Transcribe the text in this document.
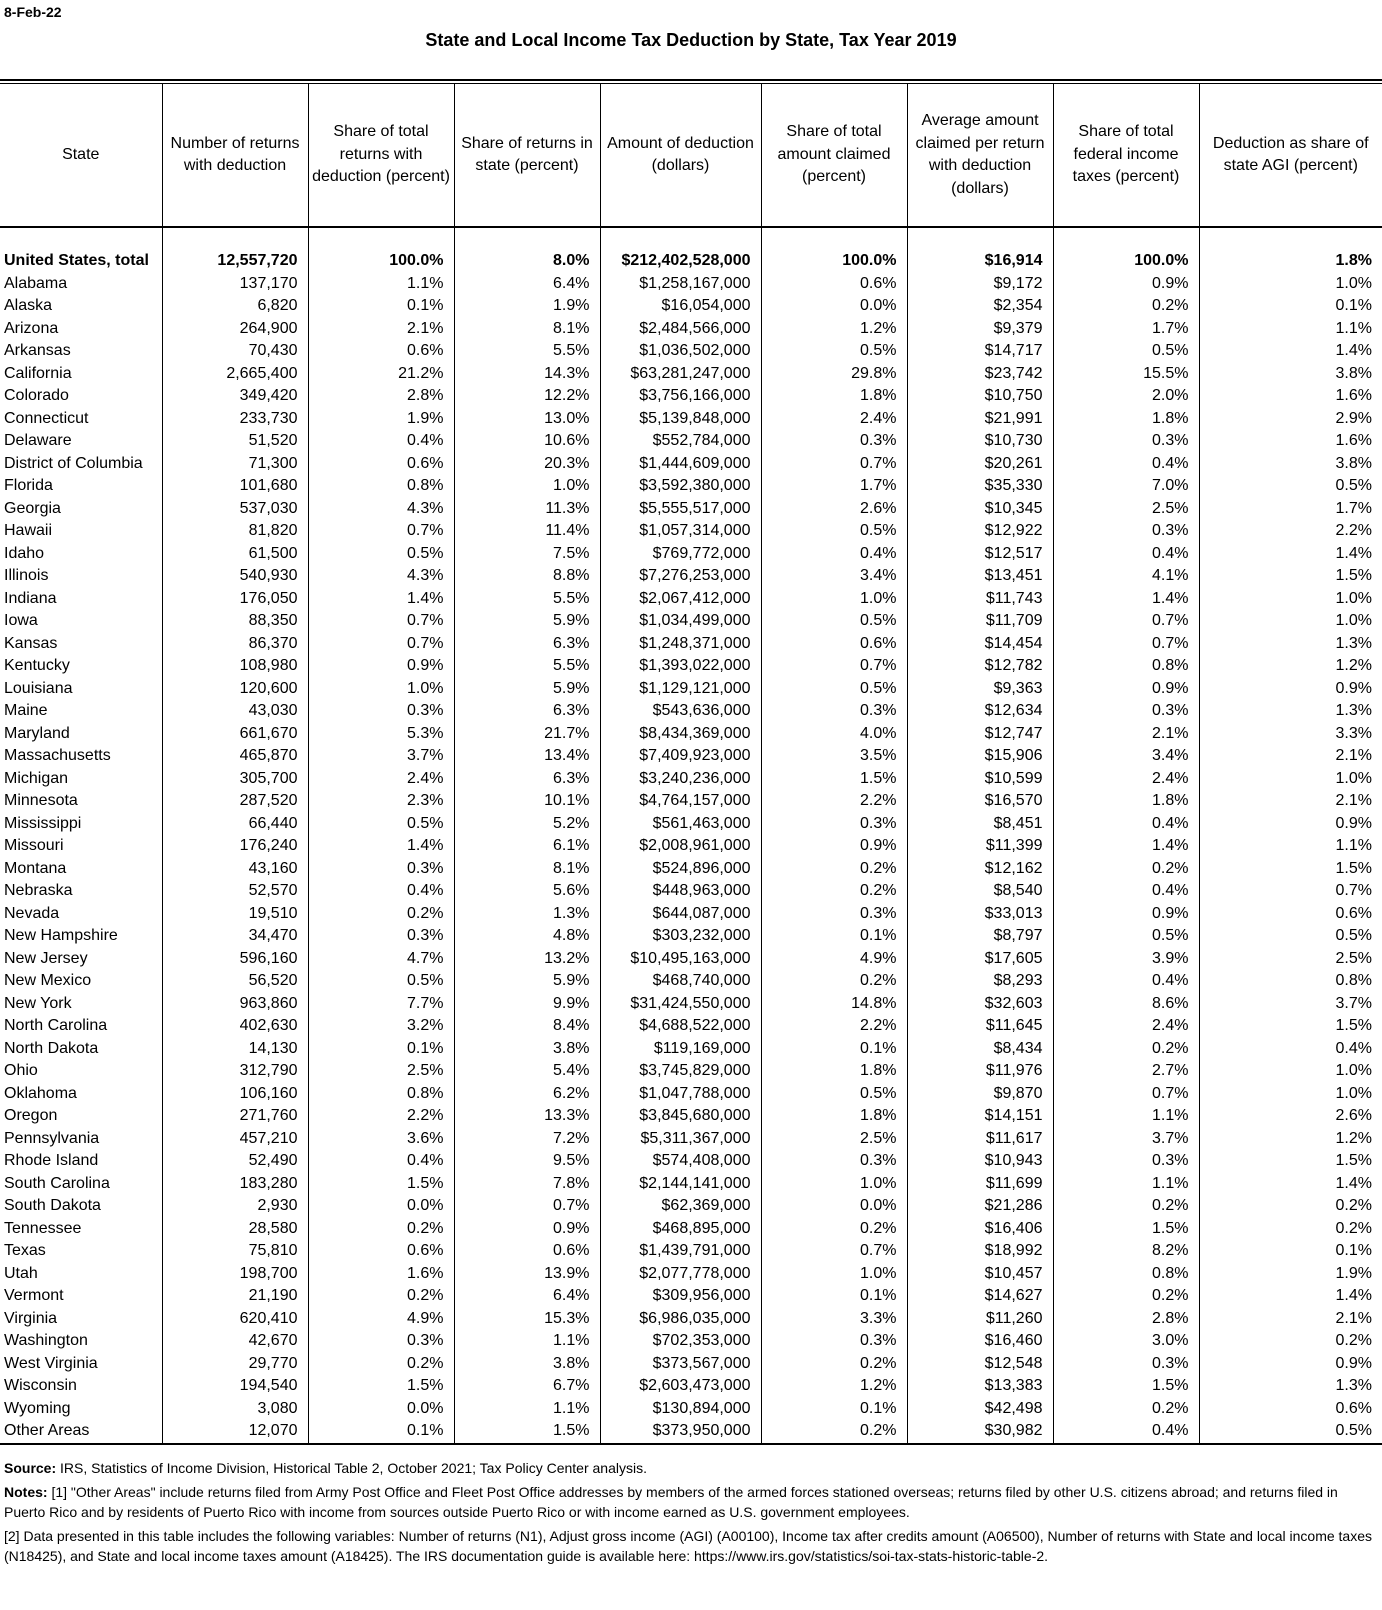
8-Feb-22
State and Local Income Tax Deduction by State, Tax Year 2019
State	Number of returns with deduction	Share of total returns with deduction (percent)	Share of returns in state (percent)	Amount of deduction (dollars)	Share of total amount claimed (percent)	Average amount claimed per return with deduction (dollars)	Share of total federal income taxes (percent)	Deduction as share of state AGI (percent)

United States, total	12,557,720	100.0%	8.0%	$212,402,528,000	100.0%	$16,914	100.0%	1.8%
Alabama	137,170	1.1%	6.4%	$1,258,167,000	0.6%	$9,172	0.9%	1.0%
Alaska	6,820	0.1%	1.9%	$16,054,000	0.0%	$2,354	0.2%	0.1%
Arizona	264,900	2.1%	8.1%	$2,484,566,000	1.2%	$9,379	1.7%	1.1%
Arkansas	70,430	0.6%	5.5%	$1,036,502,000	0.5%	$14,717	0.5%	1.4%
California	2,665,400	21.2%	14.3%	$63,281,247,000	29.8%	$23,742	15.5%	3.8%
Colorado	349,420	2.8%	12.2%	$3,756,166,000	1.8%	$10,750	2.0%	1.6%
Connecticut	233,730	1.9%	13.0%	$5,139,848,000	2.4%	$21,991	1.8%	2.9%
Delaware	51,520	0.4%	10.6%	$552,784,000	0.3%	$10,730	0.3%	1.6%
District of Columbia	71,300	0.6%	20.3%	$1,444,609,000	0.7%	$20,261	0.4%	3.8%
Florida	101,680	0.8%	1.0%	$3,592,380,000	1.7%	$35,330	7.0%	0.5%
Georgia	537,030	4.3%	11.3%	$5,555,517,000	2.6%	$10,345	2.5%	1.7%
Hawaii	81,820	0.7%	11.4%	$1,057,314,000	0.5%	$12,922	0.3%	2.2%
Idaho	61,500	0.5%	7.5%	$769,772,000	0.4%	$12,517	0.4%	1.4%
Illinois	540,930	4.3%	8.8%	$7,276,253,000	3.4%	$13,451	4.1%	1.5%
Indiana	176,050	1.4%	5.5%	$2,067,412,000	1.0%	$11,743	1.4%	1.0%
Iowa	88,350	0.7%	5.9%	$1,034,499,000	0.5%	$11,709	0.7%	1.0%
Kansas	86,370	0.7%	6.3%	$1,248,371,000	0.6%	$14,454	0.7%	1.3%
Kentucky	108,980	0.9%	5.5%	$1,393,022,000	0.7%	$12,782	0.8%	1.2%
Louisiana	120,600	1.0%	5.9%	$1,129,121,000	0.5%	$9,363	0.9%	0.9%
Maine	43,030	0.3%	6.3%	$543,636,000	0.3%	$12,634	0.3%	1.3%
Maryland	661,670	5.3%	21.7%	$8,434,369,000	4.0%	$12,747	2.1%	3.3%
Massachusetts	465,870	3.7%	13.4%	$7,409,923,000	3.5%	$15,906	3.4%	2.1%
Michigan	305,700	2.4%	6.3%	$3,240,236,000	1.5%	$10,599	2.4%	1.0%
Minnesota	287,520	2.3%	10.1%	$4,764,157,000	2.2%	$16,570	1.8%	2.1%
Mississippi	66,440	0.5%	5.2%	$561,463,000	0.3%	$8,451	0.4%	0.9%
Missouri	176,240	1.4%	6.1%	$2,008,961,000	0.9%	$11,399	1.4%	1.1%
Montana	43,160	0.3%	8.1%	$524,896,000	0.2%	$12,162	0.2%	1.5%
Nebraska	52,570	0.4%	5.6%	$448,963,000	0.2%	$8,540	0.4%	0.7%
Nevada	19,510	0.2%	1.3%	$644,087,000	0.3%	$33,013	0.9%	0.6%
New Hampshire	34,470	0.3%	4.8%	$303,232,000	0.1%	$8,797	0.5%	0.5%
New Jersey	596,160	4.7%	13.2%	$10,495,163,000	4.9%	$17,605	3.9%	2.5%
New Mexico	56,520	0.5%	5.9%	$468,740,000	0.2%	$8,293	0.4%	0.8%
New York	963,860	7.7%	9.9%	$31,424,550,000	14.8%	$32,603	8.6%	3.7%
North Carolina	402,630	3.2%	8.4%	$4,688,522,000	2.2%	$11,645	2.4%	1.5%
North Dakota	14,130	0.1%	3.8%	$119,169,000	0.1%	$8,434	0.2%	0.4%
Ohio	312,790	2.5%	5.4%	$3,745,829,000	1.8%	$11,976	2.7%	1.0%
Oklahoma	106,160	0.8%	6.2%	$1,047,788,000	0.5%	$9,870	0.7%	1.0%
Oregon	271,760	2.2%	13.3%	$3,845,680,000	1.8%	$14,151	1.1%	2.6%
Pennsylvania	457,210	3.6%	7.2%	$5,311,367,000	2.5%	$11,617	3.7%	1.2%
Rhode Island	52,490	0.4%	9.5%	$574,408,000	0.3%	$10,943	0.3%	1.5%
South Carolina	183,280	1.5%	7.8%	$2,144,141,000	1.0%	$11,699	1.1%	1.4%
South Dakota	2,930	0.0%	0.7%	$62,369,000	0.0%	$21,286	0.2%	0.2%
Tennessee	28,580	0.2%	0.9%	$468,895,000	0.2%	$16,406	1.5%	0.2%
Texas	75,810	0.6%	0.6%	$1,439,791,000	0.7%	$18,992	8.2%	0.1%
Utah	198,700	1.6%	13.9%	$2,077,778,000	1.0%	$10,457	0.8%	1.9%
Vermont	21,190	0.2%	6.4%	$309,956,000	0.1%	$14,627	0.2%	1.4%
Virginia	620,410	4.9%	15.3%	$6,986,035,000	3.3%	$11,260	2.8%	2.1%
Washington	42,670	0.3%	1.1%	$702,353,000	0.3%	$16,460	3.0%	0.2%
West Virginia	29,770	0.2%	3.8%	$373,567,000	0.2%	$12,548	0.3%	0.9%
Wisconsin	194,540	1.5%	6.7%	$2,603,473,000	1.2%	$13,383	1.5%	1.3%
Wyoming	3,080	0.0%	1.1%	$130,894,000	0.1%	$42,498	0.2%	0.6%
Other Areas	12,070	0.1%	1.5%	$373,950,000	0.2%	$30,982	0.4%	0.5%

Source: IRS, Statistics of Income Division, Historical Table 2, October 2021; Tax Policy Center analysis.

Notes: [1] "Other Areas" include returns filed from Army Post Office and Fleet Post Office addresses by members of the armed forces stationed overseas; returns filed by other U.S. citizens abroad; and returns filed in Puerto Rico and by residents of Puerto Rico with income from sources outside Puerto Rico or with income earned as U.S. government employees.

[2] Data presented in this table includes the following variables: Number of returns (N1), Adjust gross income (AGI) (A00100), Income tax after credits amount (A06500), Number of returns with State and local income taxes (N18425), and State and local income taxes amount (A18425). The IRS documentation guide is available here: https://www.irs.gov/statistics/soi-tax-stats-historic-table-2.
